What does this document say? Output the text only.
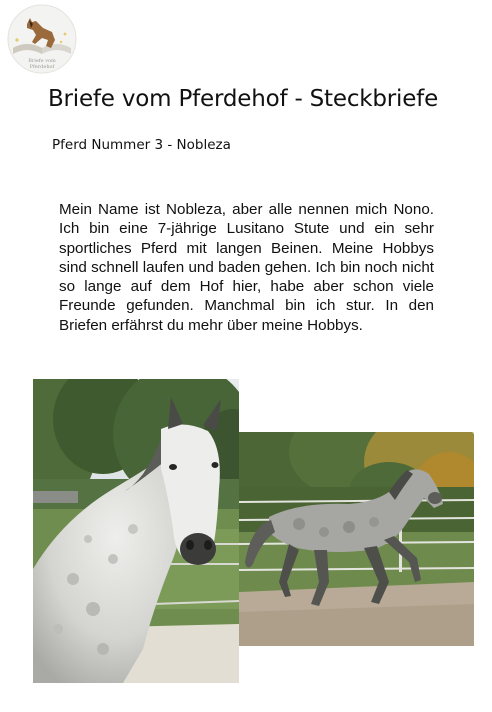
Briefe vom
Pferdehof
Briefe vom Pferdehof - Steckbriefe
Pferd Nummer 3 - Nobleza
Mein Name ist Nobleza, aber alle nennen mich Nono. Ich bin eine 7-jährige Lusitano Stute und ein sehr sportliches Pferd mit langen Beinen. Meine Hobbys sind schnell laufen und baden gehen. Ich bin noch nicht so lange auf dem Hof hier, habe aber schon viele Freunde gefunden. Manchmal bin ich stur. In den Briefen erfährst du mehr über meine Hobbys.
